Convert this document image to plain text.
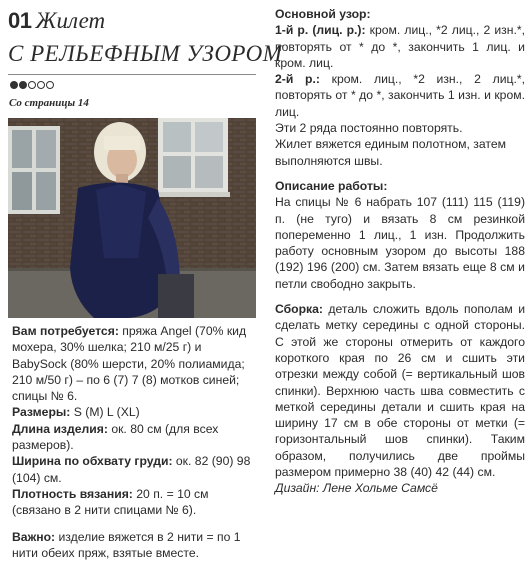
01 Жилет
С РЕЛЬЕФНЫМ УЗОРОМ
Со страницы 14

Вам потребуется: пряжа Angel (70% кид мохера, 30% шелка; 210 м/25 г) и BabySock (80% шерсти, 20% полиамида; 210 м/50 г) – по 6 (7) 7 (8) мотков синей; спицы № 6.

Размеры: S (M) L (XL)

Длина изделия: ок. 80 см (для всех размеров).

Ширина по обхвату груди: ок. 82 (90) 98 (104) см.

Плотность вязания: 20 п. = 10 см (связано в 2 нити спицами № 6).

Важно: изделие вяжется в 2 нити = по 1 нити обеих пряж, взятые вместе.

Основной узор:

1-й р. (лиц. р.): кром. лиц., *2 лиц., 2 изн.*, повторять от * до *, закончить 1 лиц. и кром. лиц.

2-й р.: кром. лиц., *2 изн., 2 лиц.*, повторять от * до *, закончить 1 изн. и кром. лиц.

Эти 2 ряда постоянно повторять.

Жилет вяжется единым полотном, затем выполняются швы.

Описание работы:

На спицы № 6 набрать 107 (111) 115 (119) п. (не туго) и вязать 8 см резинкой попеременно 1 лиц., 1 изн. Продолжить работу основным узором до высоты 188 (192) 196 (200) см. Затем вязать еще 8 см и петли свободно закрыть.

Сборка: деталь сложить вдоль пополам и сделать метку середины с одной стороны. С этой же стороны отмерить от каждого короткого края по 26 см и сшить эти отрезки между собой (= вертикальный шов спинки). Верхнюю часть шва совместить с меткой середины детали и сшить края на ширину 17 см в обе стороны от метки (= горизонтальный шов спинки). Таким образом, получились две проймы размером примерно 38 (40) 42 (44) см.

Дизайн: Лене Хольме Самсё
